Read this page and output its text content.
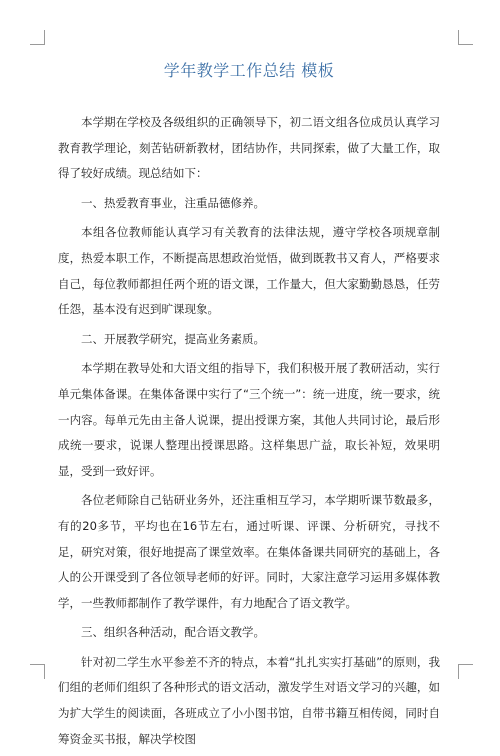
学年教学工作总结 模板

本学期在学校及各级组织的正确领导下，初二语文组各位成员认真学习教育教学理论，刻苦钻研新教材，团结协作，共同探索，做了大量工作，取得了较好成绩。现总结如下：

一、热爱教育事业，注重品德修养。

本组各位教师能认真学习有关教育的法律法规，遵守学校各项规章制度，热爱本职工作，不断提高思想政治觉悟，做到既教书又育人，严格要求自己，每位教师都担任两个班的语文课，工作量大，但大家勤勤恳恳，任劳任怨，基本没有迟到旷课现象。

二、开展教学研究，提高业务素质。

本学期在教导处和大语文组的指导下，我们积极开展了教研活动，实行单元集体备课。在集体备课中实行了“三个统一”：统一进度，统一要求，统一内容。每单元先由主备人说课，提出授课方案，其他人共同讨论，最后形成统一要求，说课人整理出授课思路。这样集思广益，取长补短，效果明显，受到一致好评。

各位老师除自己钻研业务外，还注重相互学习，本学期听课节数最多，有的20多节，平均也在16节左右，通过听课、评课、分析研究，寻找不足，研究对策，很好地提高了课堂效率。在集体备课共同研究的基础上，各人的公开课受到了各位领导老师的好评。同时，大家注意学习运用多媒体教学，一些教师都制作了教学课件，有力地配合了语文教学。

三、组织各种活动，配合语文教学。

针对初二学生水平参差不齐的特点，本着“扎扎实实打基础”的原则，我们组的老师们组织了各种形式的语文活动，激发学生对语文学习的兴趣，如为扩大学生的阅读面，各班成立了小小图书馆，自带书籍互相传阅，同时自筹资金买书报，解决学校图
